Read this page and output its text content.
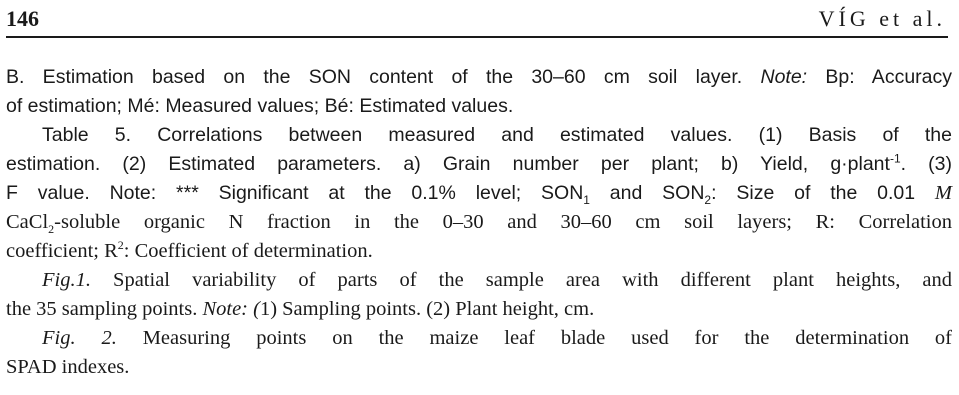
146	VÍG et al.
B. Estimation based on the SON content of the 30–60 cm soil layer. Note: Bp: Accuracy
of estimation; Mé: Measured values; Bé: Estimated values.
Table 5. Correlations between measured and estimated values. (1) Basis of the
estimation. (2) Estimated parameters. a) Grain number per plant; b) Yield, g·plant$^{-1}$. (3)
F value. Note: *** Significant at the 0.1% level; $SON_1$ and $SON_2$: Size of the 0.01 M
CaCl$_2$-soluble organic N fraction in the 0–30 and 30–60 cm soil layers; R: Correlation
coefficient; $R^2$: Coefficient of determination.
Fig.1. Spatial variability of parts of the sample area with different plant heights, and
the 35 sampling points. Note: (1) Sampling points. (2) Plant height, cm.
Fig. 2. Measuring points on the maize leaf blade used for the determination of
SPAD indexes.
